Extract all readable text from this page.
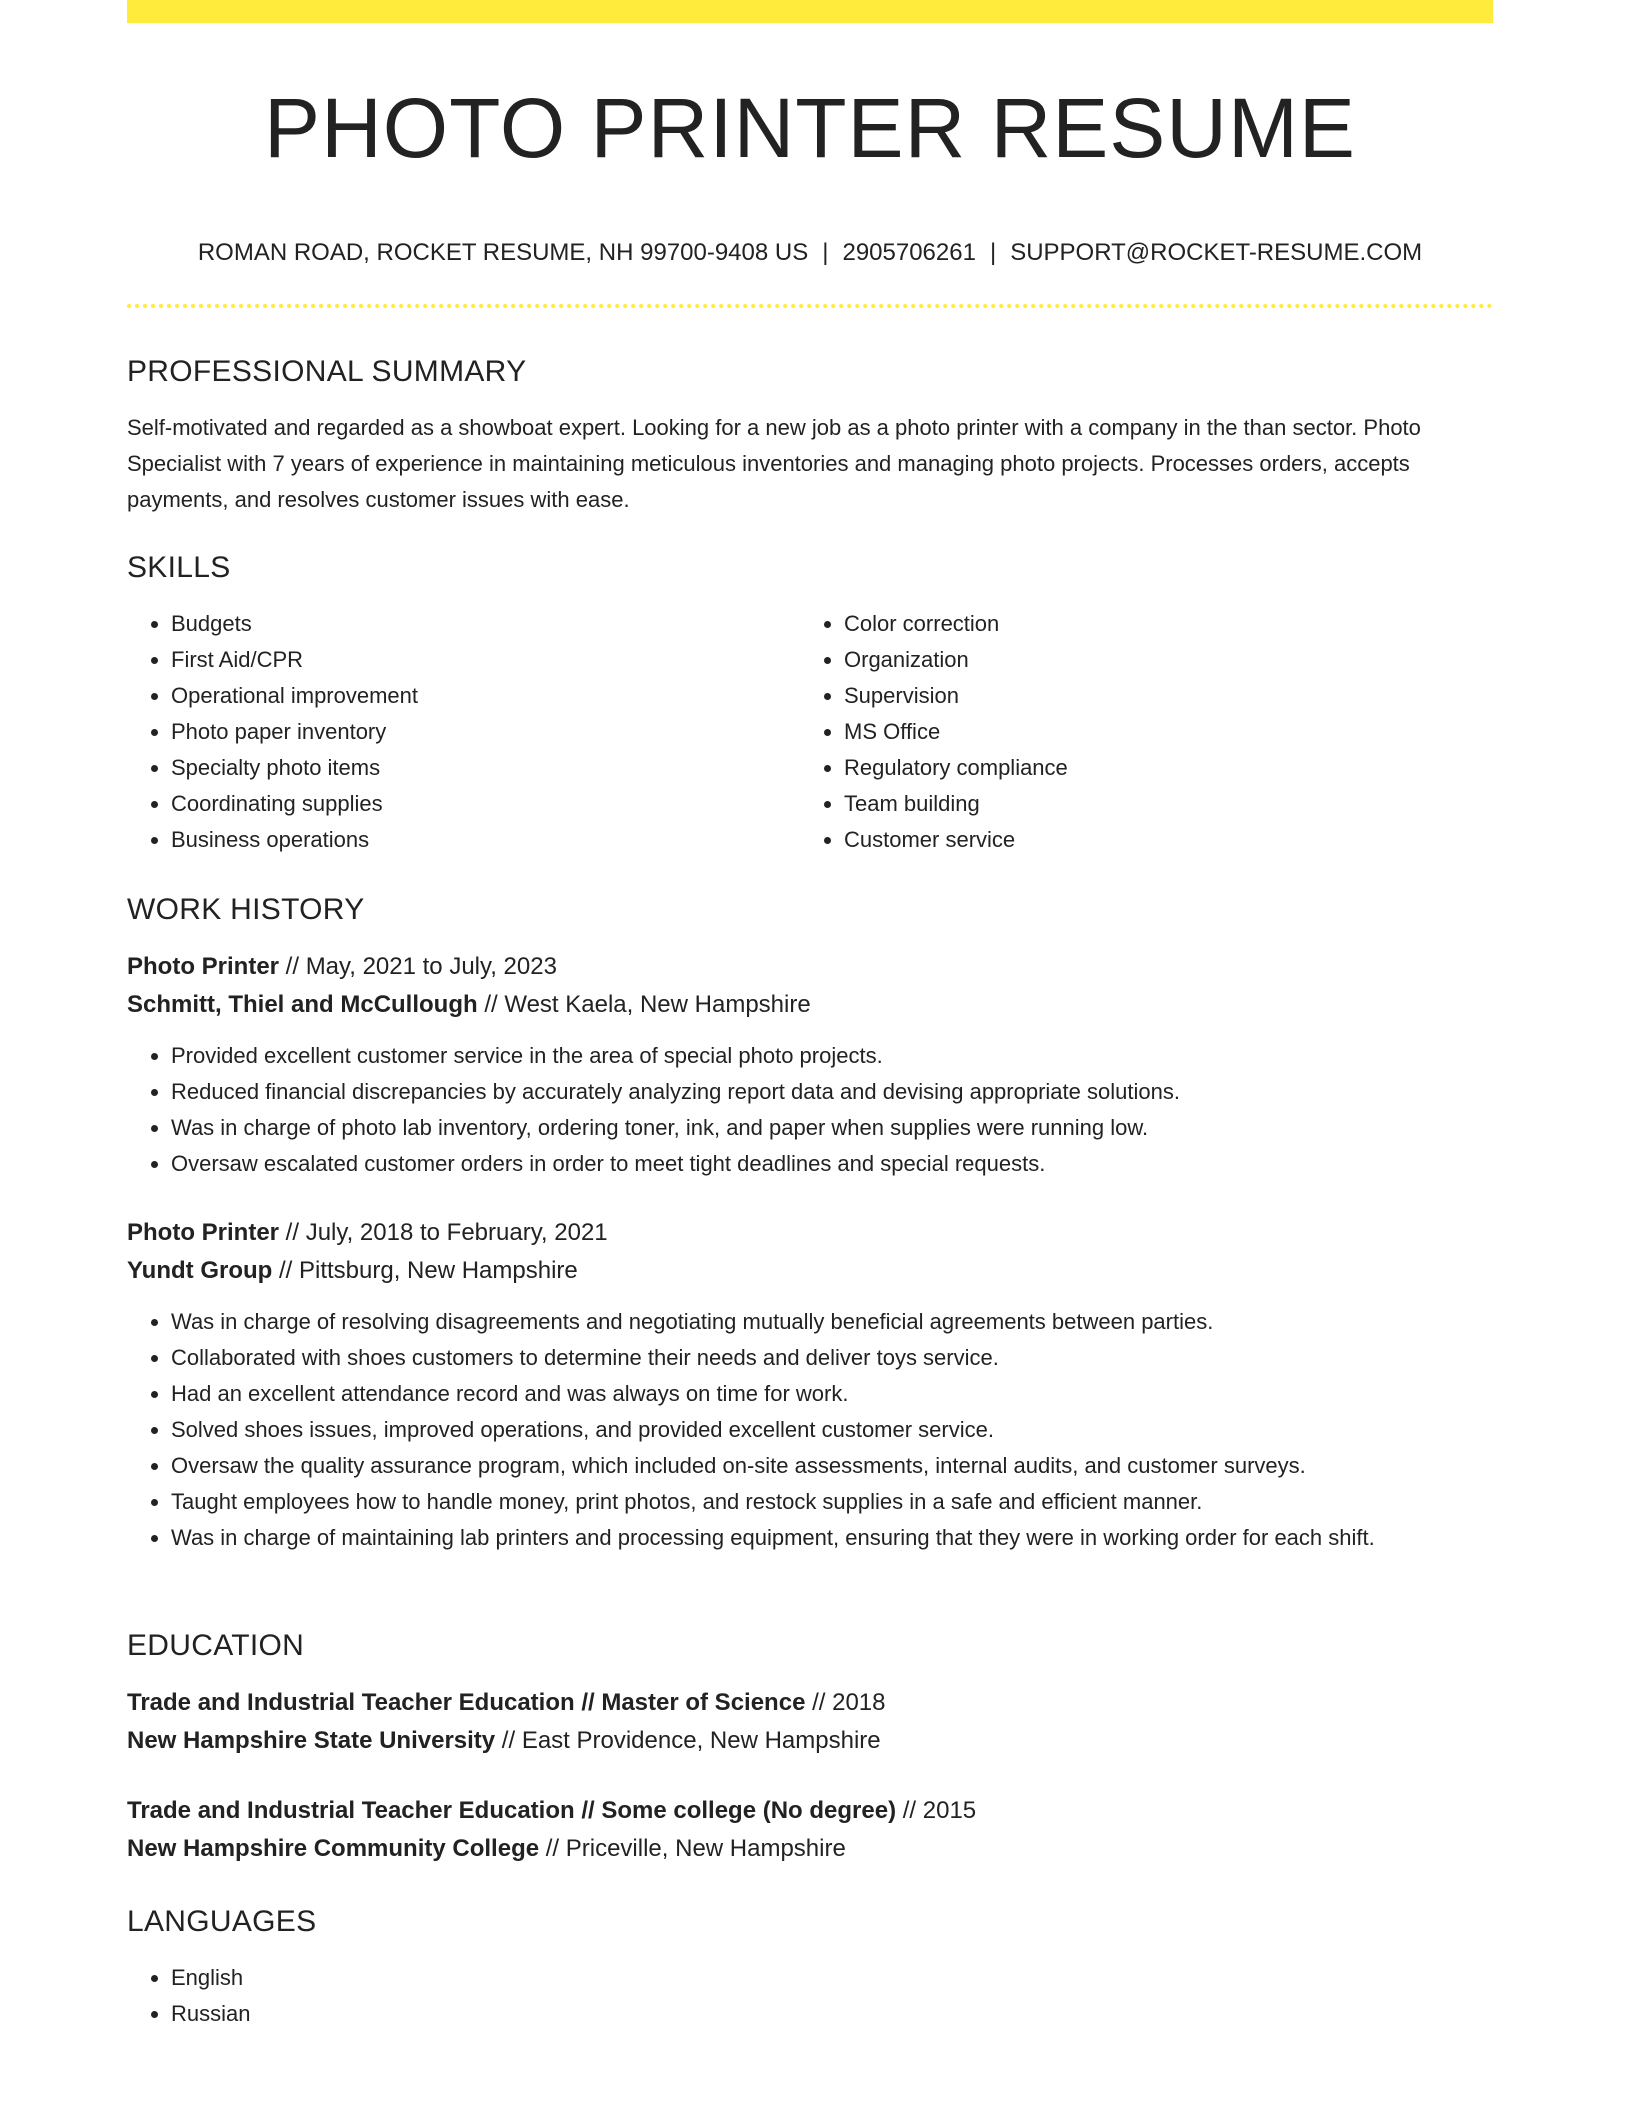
PHOTO PRINTER RESUME
ROMAN ROAD, ROCKET RESUME, NH 99700-9408 US | 2905706261 | SUPPORT@ROCKET-RESUME.COM
PROFESSIONAL SUMMARY

Self-motivated and regarded as a showboat expert. Looking for a new job as a photo printer with a company in the than sector. Photo Specialist with 7 years of experience in maintaining meticulous inventories and managing photo projects. Processes orders, accepts payments, and resolves customer issues with ease.

SKILLS
• Budgets
• First Aid/CPR
• Operational improvement
• Photo paper inventory
• Specialty photo items
• Coordinating supplies
• Business operations
• Color correction
• Organization
• Supervision
• MS Office
• Regulatory compliance
• Team building
• Customer service
WORK HISTORY

Photo Printer // May, 2021 to July, 2023

Schmitt, Thiel and McCullough // West Kaela, New Hampshire

• Provided excellent customer service in the area of special photo projects.
• Reduced financial discrepancies by accurately analyzing report data and devising appropriate solutions.
• Was in charge of photo lab inventory, ordering toner, ink, and paper when supplies were running low.
• Oversaw escalated customer orders in order to meet tight deadlines and special requests.

Photo Printer // July, 2018 to February, 2021

Yundt Group // Pittsburg, New Hampshire

• Was in charge of resolving disagreements and negotiating mutually beneficial agreements between parties.
• Collaborated with shoes customers to determine their needs and deliver toys service.
• Had an excellent attendance record and was always on time for work.
• Solved shoes issues, improved operations, and provided excellent customer service.
• Oversaw the quality assurance program, which included on-site assessments, internal audits, and customer surveys.
• Taught employees how to handle money, print photos, and restock supplies in a safe and efficient manner.
• Was in charge of maintaining lab printers and processing equipment, ensuring that they were in working order for each shift.
EDUCATION

Trade and Industrial Teacher Education // Master of Science // 2018

New Hampshire State University // East Providence, New Hampshire

Trade and Industrial Teacher Education // Some college (No degree) // 2015

New Hampshire Community College // Priceville, New Hampshire

LANGUAGES
• English
• Russian
